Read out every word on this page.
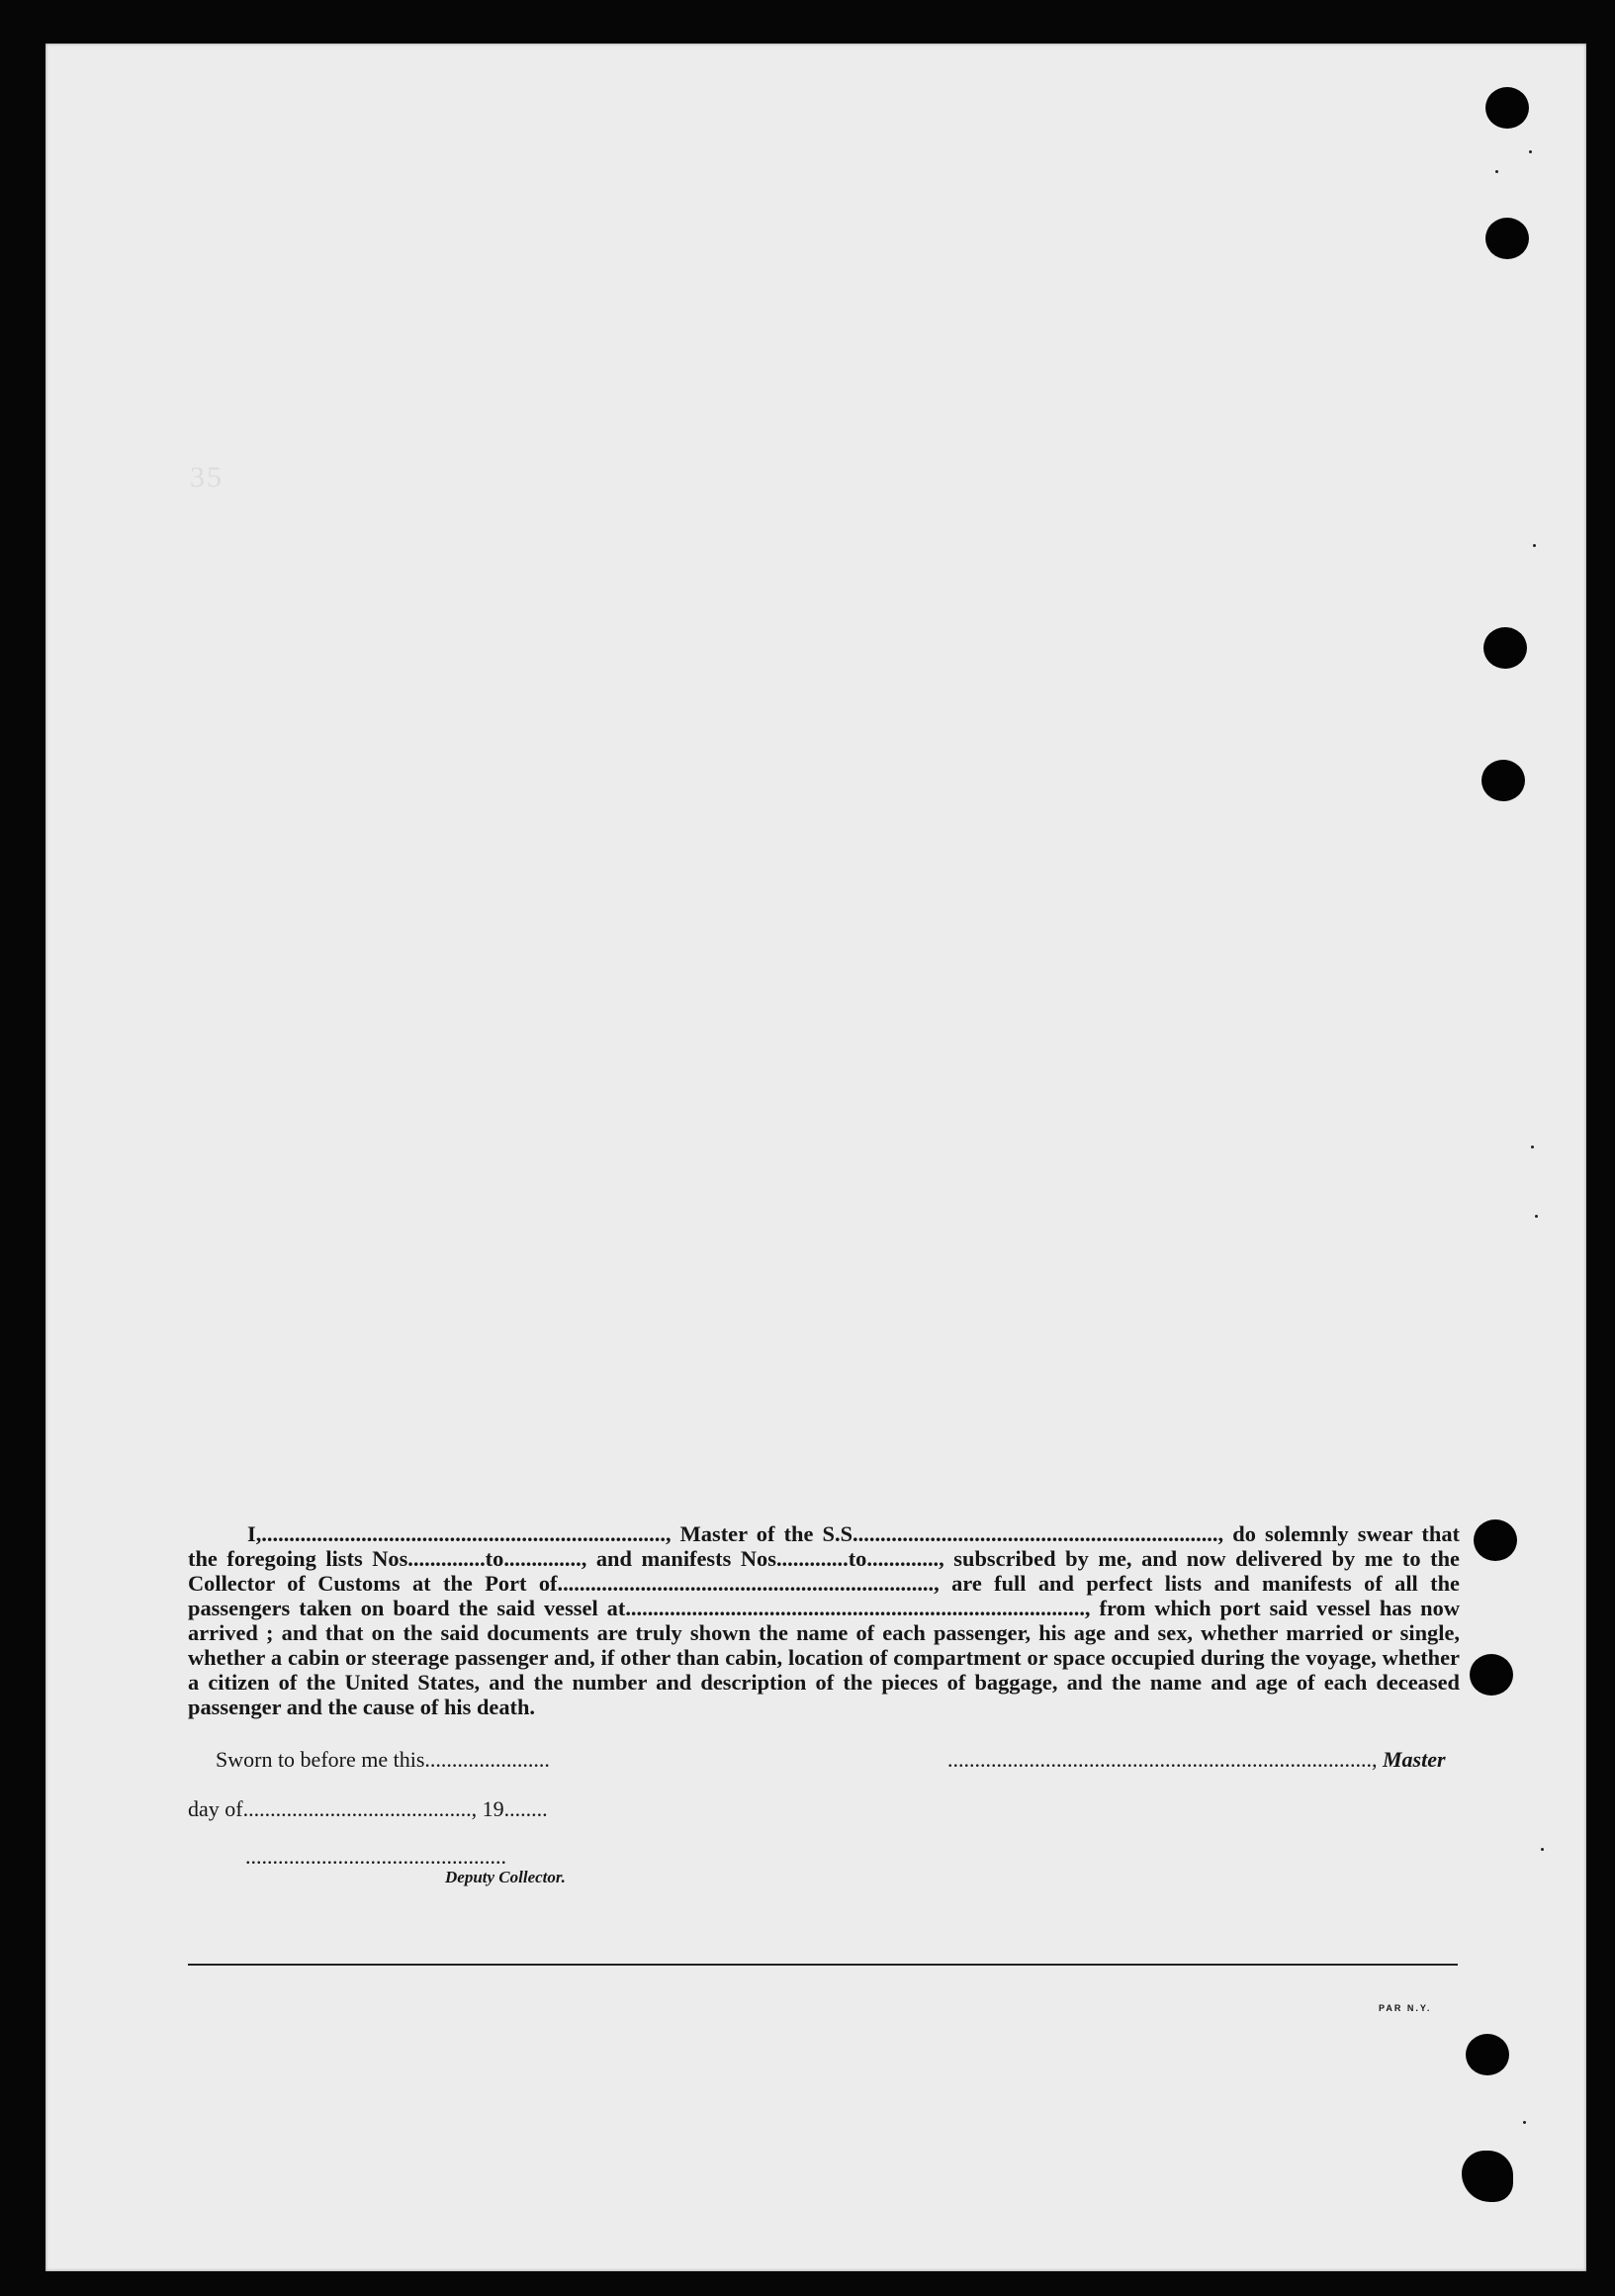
35
I,........................................................................., Master of the S.S.................................................................., do solemnly swear that the foregoing lists Nos..............to.............., and manifests Nos.............to............., subscribed by me, and now delivered by me to the Collector of Customs at the Port of...................................................................., are full and perfect lists and manifests of all the passengers taken on board the said vessel at..................................................................................., from which port said vessel has now arrived ; and that on the said documents are truly shown the name of each passenger, his age and sex, whether married or single, whether a cabin or steerage passenger and, if other than cabin, location of compartment or space occupied during the voyage, whether a citizen of the United States, and the number and description of the pieces of baggage, and the name and age of each deceased passenger and the cause of his death.
Sworn to before me this.......................	.............................................................................., Master
day of.........................................., 19........
................................................
Deputy Collector.
PAR N.Y.
